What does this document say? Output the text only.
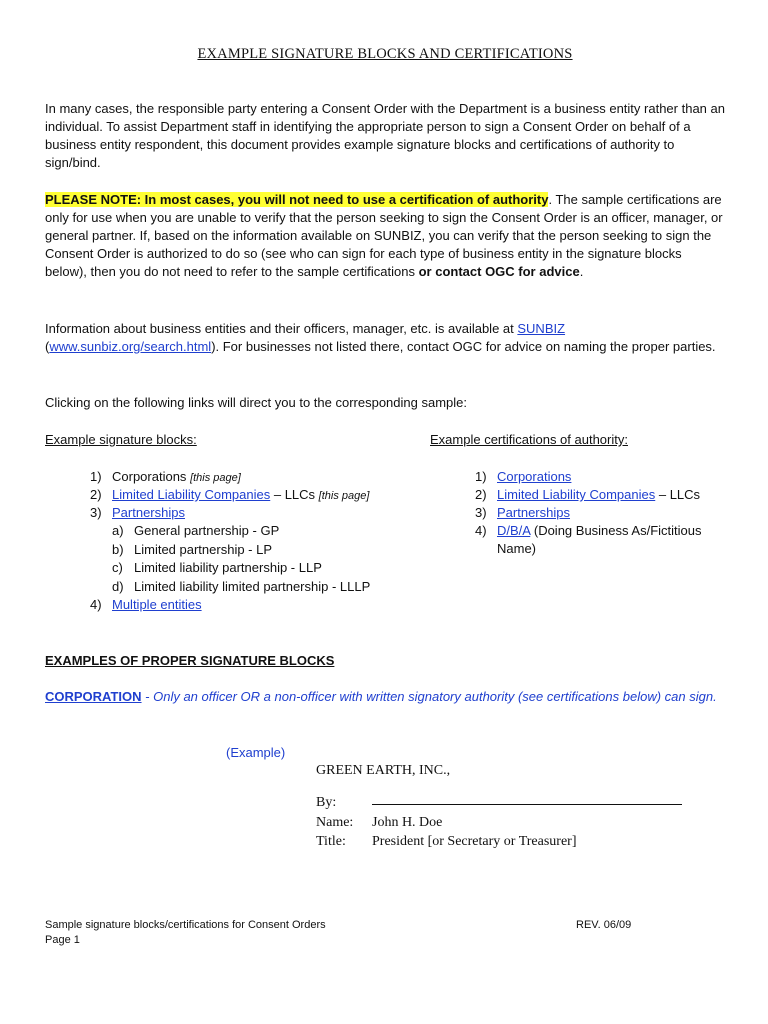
EXAMPLE SIGNATURE BLOCKS AND CERTIFICATIONS

In many cases, the responsible party entering a Consent Order with the Department is a business entity rather than an individual. To assist Department staff in identifying the appropriate person to sign a Consent Order on behalf of a business entity respondent, this document provides example signature blocks and certifications of authority to sign/bind.

PLEASE NOTE: In most cases, you will not need to use a certification of authority. The sample certifications are only for use when you are unable to verify that the person seeking to sign the Consent Order is an officer, manager, or general partner. If, based on the information available on SUNBIZ, you can verify that the person seeking to sign the Consent Order is authorized to do so (see who can sign for each type of business entity in the signature blocks below), then you do not need to refer to the sample certifications or contact OGC for advice.

Information about business entities and their officers, manager, etc. is available at SUNBIZ
(www.sunbiz.org/search.html). For businesses not listed there, contact OGC for advice on naming the proper parties.

Clicking on the following links will direct you to the corresponding sample:

Example signature blocks:
1) Corporations [this page]
2) Limited Liability Companies – LLCs [this page]
3) Partnerships
a) General partnership - GP
b) Limited partnership - LP
c) Limited liability partnership - LLP
d) Limited liability limited partnership - LLLP
4) Multiple entities
Example certifications of authority:
1) Corporations
2) Limited Liability Companies – LLCs
3) Partnerships
4) D/B/A (Doing Business As/Fictitious Name)
EXAMPLES OF PROPER SIGNATURE BLOCKS

CORPORATION - Only an officer OR a non-officer with written signatory authority (see certifications below) can sign.

(Example)
GREEN EARTH, INC.,
By:
Name: John H. Doe
Title: President [or Secretary or Treasurer]
Sample signature blocks/certifications for Consent Orders
Page 1
REV. 06/09
